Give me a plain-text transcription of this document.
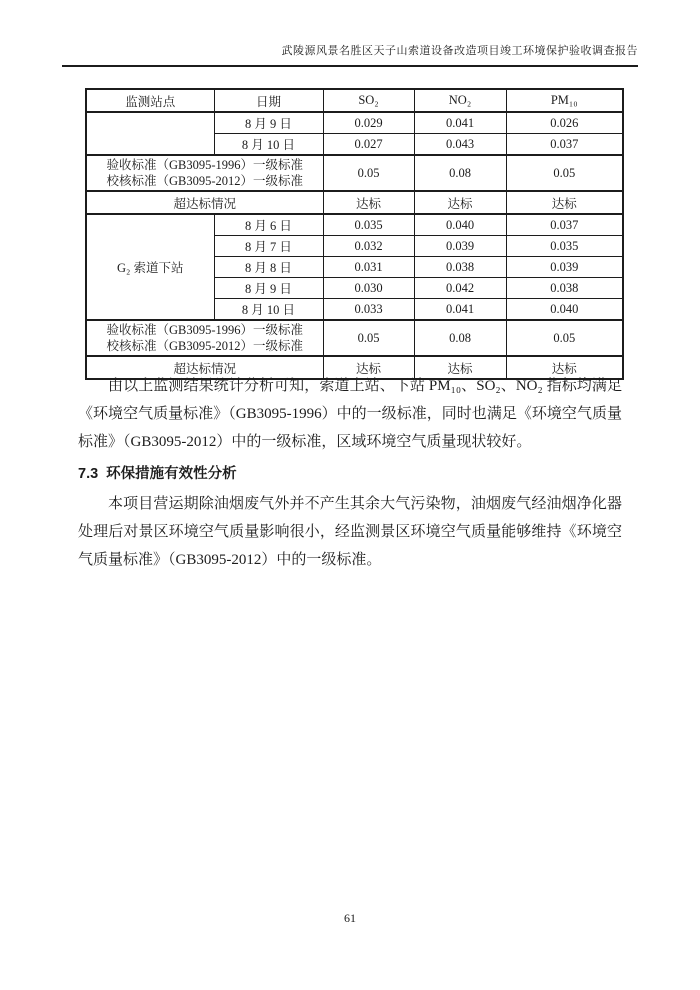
武陵源风景名胜区天子山索道设备改造项目竣工环境保护验收调查报告
监测站点	日期	SO₂	NO₂	PM₁₀
	8 月 9 日	0.029	0.041	0.026
	8 月 10 日	0.027	0.043	0.037

验收标准（GB3095-1996）一级标准
校核标准（GB3095-2012）一级标准		0.05	0.08	0.05
超达标情况		达标	达标	达标
G₂ 索道下站	8 月 6 日	0.035	0.040	0.037
	8 月 7 日	0.032	0.039	0.035
	8 月 8 日	0.031	0.038	0.039
	8 月 9 日	0.030	0.042	0.038
	8 月 10 日	0.033	0.041	0.040

验收标准（GB3095-1996）一级标准
校核标准（GB3095-2012）一级标准		0.05	0.08	0.05
超达标情况		达标	达标	达标

由以上监测结果统计分析可知，索道上站、下站 PM₁₀、SO₂、NO₂ 指标均满足《环境空气质量标准》（GB3095-1996）中的一级标准，同时也满足《环境空气质量标准》（GB3095-2012）中的一级标准，区域环境空气质量现状较好。

7.3 环保措施有效性分析

本项目营运期除油烟废气外并不产生其余大气污染物，油烟废气经油烟净化器处理后对景区环境空气质量影响很小，经监测景区环境空气质量能够维持《环境空气质量标准》（GB3095-2012）中的一级标准。

61
